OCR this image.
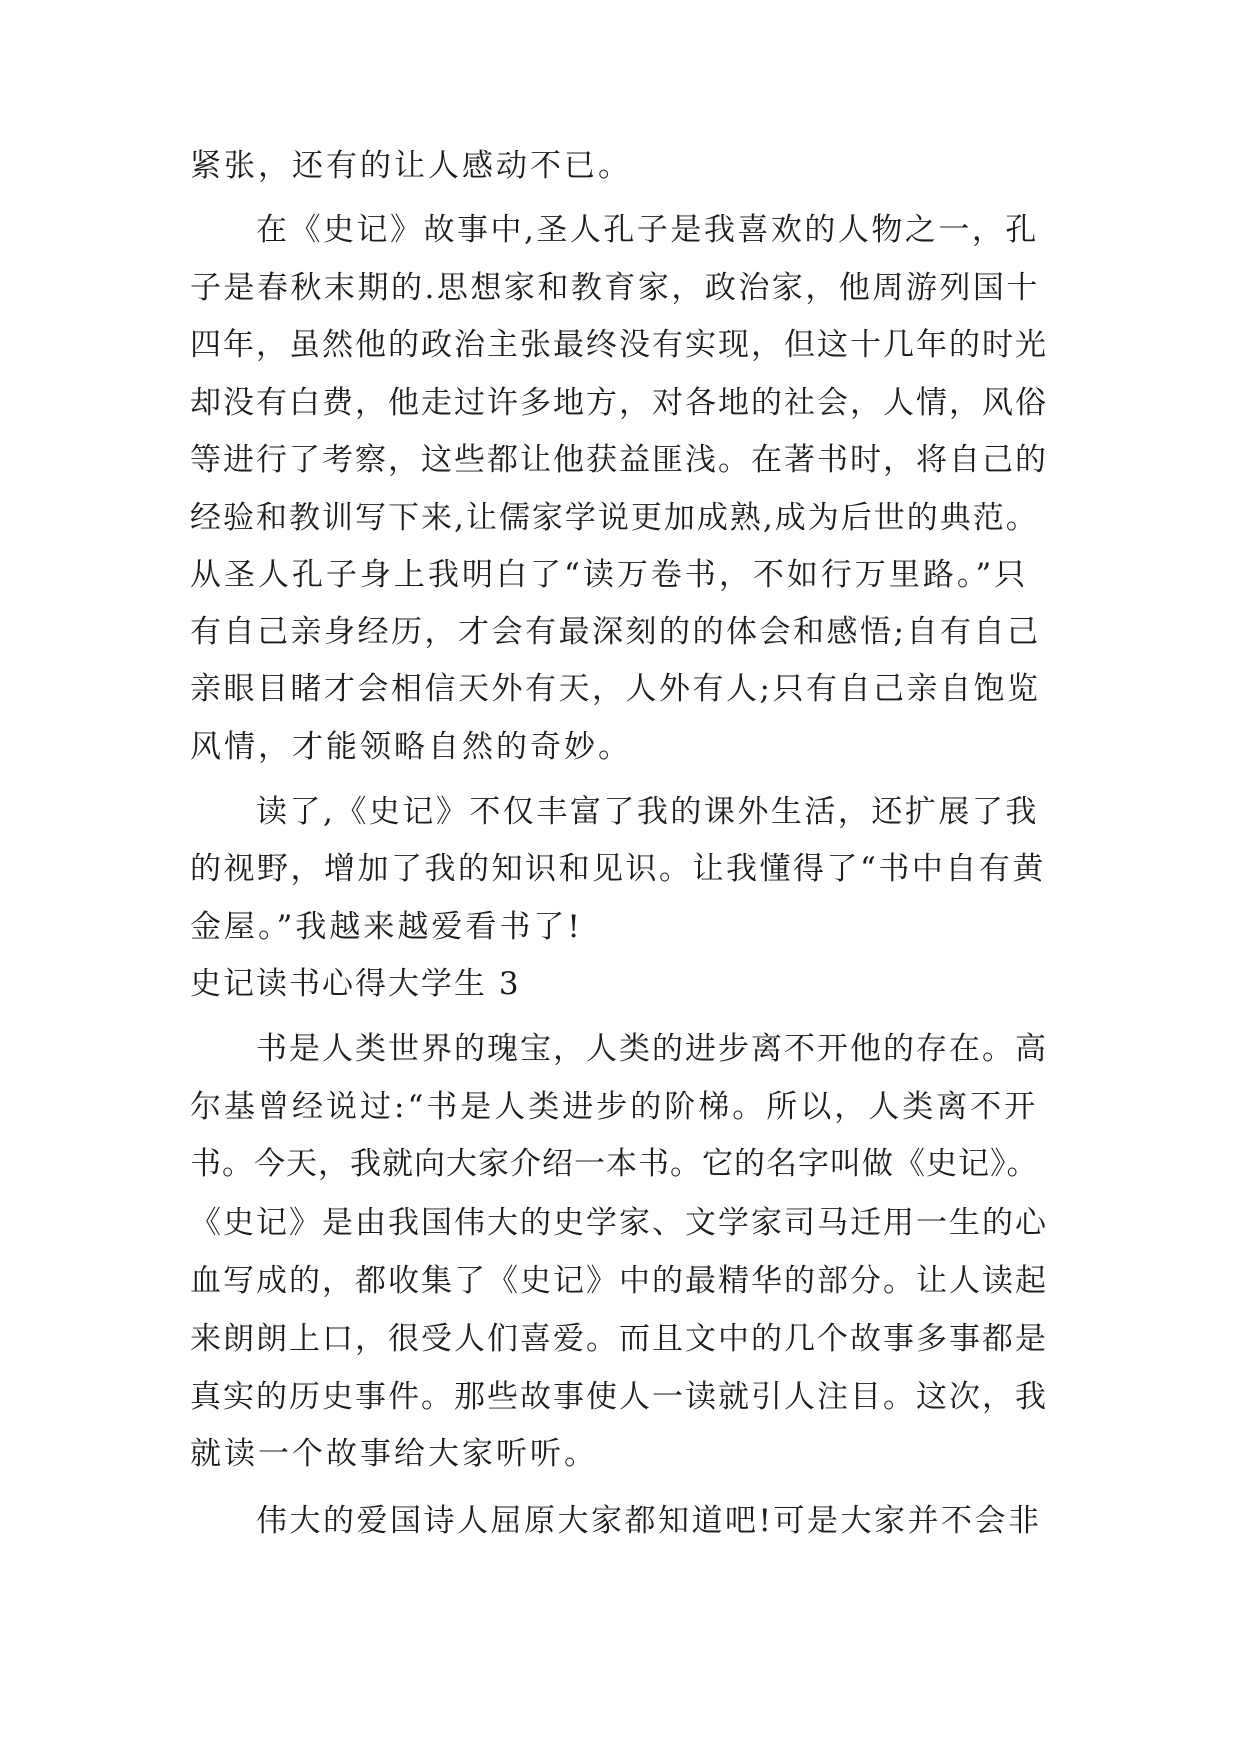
紧张，还有的让人感动不已。
在《史记》故事中,圣人孔子是我喜欢的人物之一，孔
子是春秋末期的.思想家和教育家，政治家，他周游列国十
四年，虽然他的政治主张最终没有实现，但这十几年的时光
却没有白费，他走过许多地方，对各地的社会，人情，风俗
等进行了考察，这些都让他获益匪浅。在著书时，将自己的
经验和教训写下来,让儒家学说更加成熟,成为后世的典范。
从圣人孔子身上我明白了“读万卷书，不如行万里路。”只
有自己亲身经历，才会有最深刻的的体会和感悟;自有自己
亲眼目睹才会相信天外有天，人外有人;只有自己亲自饱览
风情，才能领略自然的奇妙。
读了,《史记》不仅丰富了我的课外生活，还扩展了我
的视野，增加了我的知识和见识。让我懂得了“书中自有黄
金屋。”我越来越爱看书了!
史记读书心得大学生 3
书是人类世界的瑰宝，人类的进步离不开他的存在。高
尔基曾经说过:“书是人类进步的阶梯。所以，人类离不开
书。今天，我就向大家介绍一本书。它的名字叫做《史记》。
《史记》是由我国伟大的史学家、文学家司马迁用一生的心
血写成的，都收集了《史记》中的最精华的部分。让人读起
来朗朗上口，很受人们喜爱。而且文中的几个故事多事都是
真实的历史事件。那些故事使人一读就引人注目。这次，我
就读一个故事给大家听听。
伟大的爱国诗人屈原大家都知道吧!可是大家并不会非
